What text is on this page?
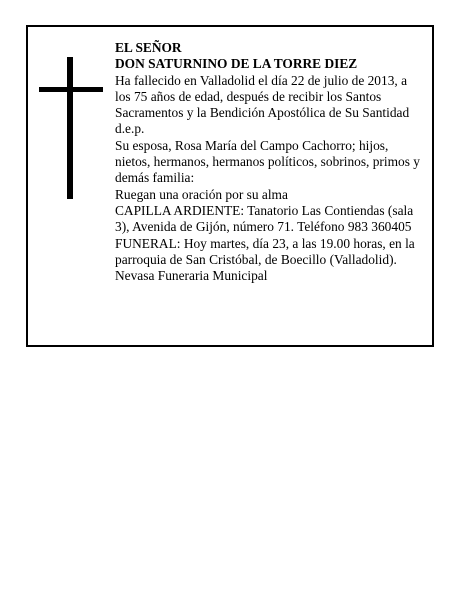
EL SEÑOR

DON SATURNINO DE LA TORRE DIEZ

Ha fallecido en Valladolid el día 22 de julio de 2013, a los 75 años de edad, después de recibir los Santos Sacramentos y la Bendición Apostólica de Su Santidad d.e.p.

Su esposa, Rosa María del Campo Cachorro; hijos, nietos, hermanos, hermanos políticos, sobrinos, primos y demás familia:

Ruegan una oración por su alma

CAPILLA ARDIENTE: Tanatorio Las Contiendas (sala 3), Avenida de Gijón, número 71. Teléfono 983 360405

FUNERAL: Hoy martes, día 23, a las 19.00 horas, en la parroquia de San Cristóbal, de Boecillo (Valladolid).

Nevasa Funeraria Municipal
